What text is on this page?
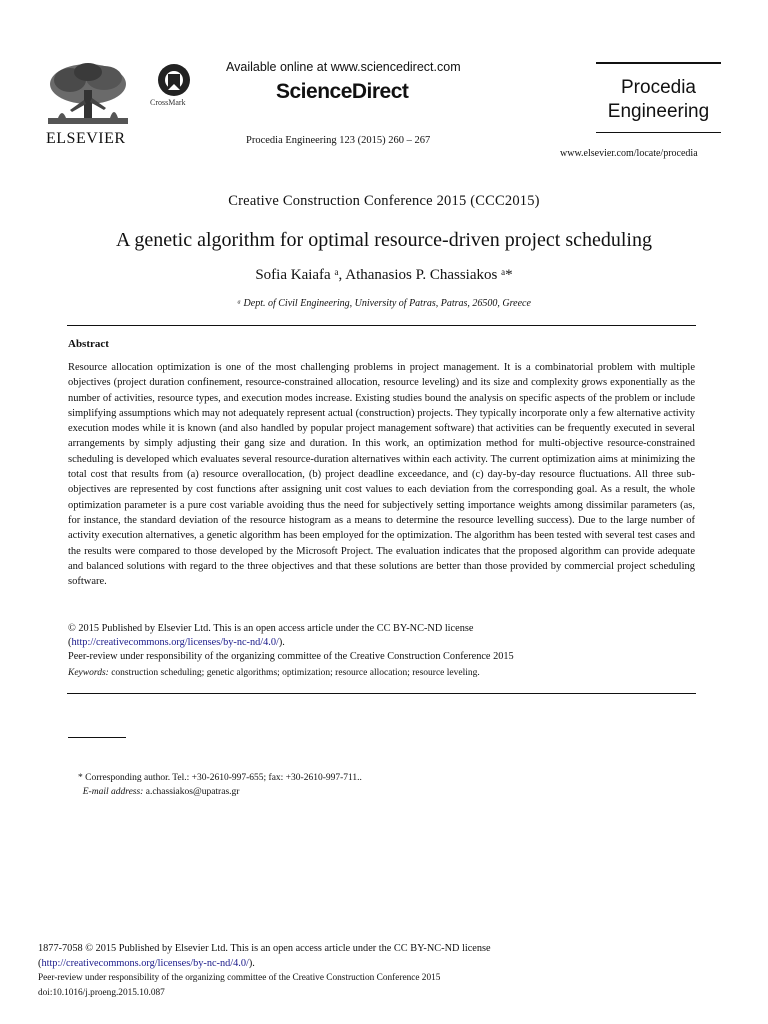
ELSEVIER
CrossMark
Available online at www.sciencedirect.com
ScienceDirect
Procedia Engineering 123 (2015) 260 – 267
Procedia
Engineering
www.elsevier.com/locate/procedia
Creative Construction Conference 2015 (CCC2015)
A genetic algorithm for optimal resource-driven project scheduling
Sofia Kaiafa ᵃ, Athanasios P. Chassiakos ᵃ*
ᵃ Dept. of Civil Engineering, University of Patras, Patras, 26500, Greece
Abstract

Resource allocation optimization is one of the most challenging problems in project management. It is a combinatorial problem with multiple objectives (project duration confinement, resource-constrained allocation, resource leveling) and its size and complexity grows exponentially as the number of activities, resource types, and execution modes increase. Existing studies bound the analysis on specific aspects of the problem or include simplifying assumptions which may not adequately represent actual (construction) projects. They typically incorporate only a few alternative activity execution modes while it is known (and also handled by popular project management software) that activities can be frequently executed in several arrangements by simply adjusting their gang size and duration. In this work, an optimization method for multi-objective resource-constrained scheduling is developed which evaluates several resource-duration alternatives within each activity. The current optimization aims at minimizing the total cost that results from (a) resource overallocation, (b) project deadline exceedance, and (c) day-by-day resource fluctuations. All three sub-objectives are represented by cost functions after assigning unit cost values to each deviation from the corresponding goal. As a result, the whole optimization parameter is a pure cost variable avoiding thus the need for subjectively setting importance weights among dissimilar parameters (as, for instance, the standard deviation of the resource histogram as a means to determine the resource levelling success). Due to the large number of activity execution alternatives, a genetic algorithm has been employed for the optimization. The algorithm has been tested with several test cases and the results were compared to those developed by the Microsoft Project. The evaluation indicates that the proposed algorithm can provide adequate and balanced solutions with regard to the three objectives and that these solutions are better than those provided by commercial project scheduling software.

© 2015 Published by Elsevier Ltd. This is an open access article under the CC BY-NC-ND license
(http://creativecommons.org/licenses/by-nc-nd/4.0/).
Peer-review under responsibility of the organizing committee of the Creative Construction Conference 2015
Keywords: construction scheduling; genetic algorithms; optimization; resource allocation; resource leveling.
* Corresponding author. Tel.: +30-2610-997-655; fax: +30-2610-997-711..
E-mail address: a.chassiakos@upatras.gr
1877-7058 © 2015 Published by Elsevier Ltd. This is an open access article under the CC BY-NC-ND license
(http://creativecommons.org/licenses/by-nc-nd/4.0/).
Peer-review under responsibility of the organizing committee of the Creative Construction Conference 2015
doi:10.1016/j.proeng.2015.10.087
